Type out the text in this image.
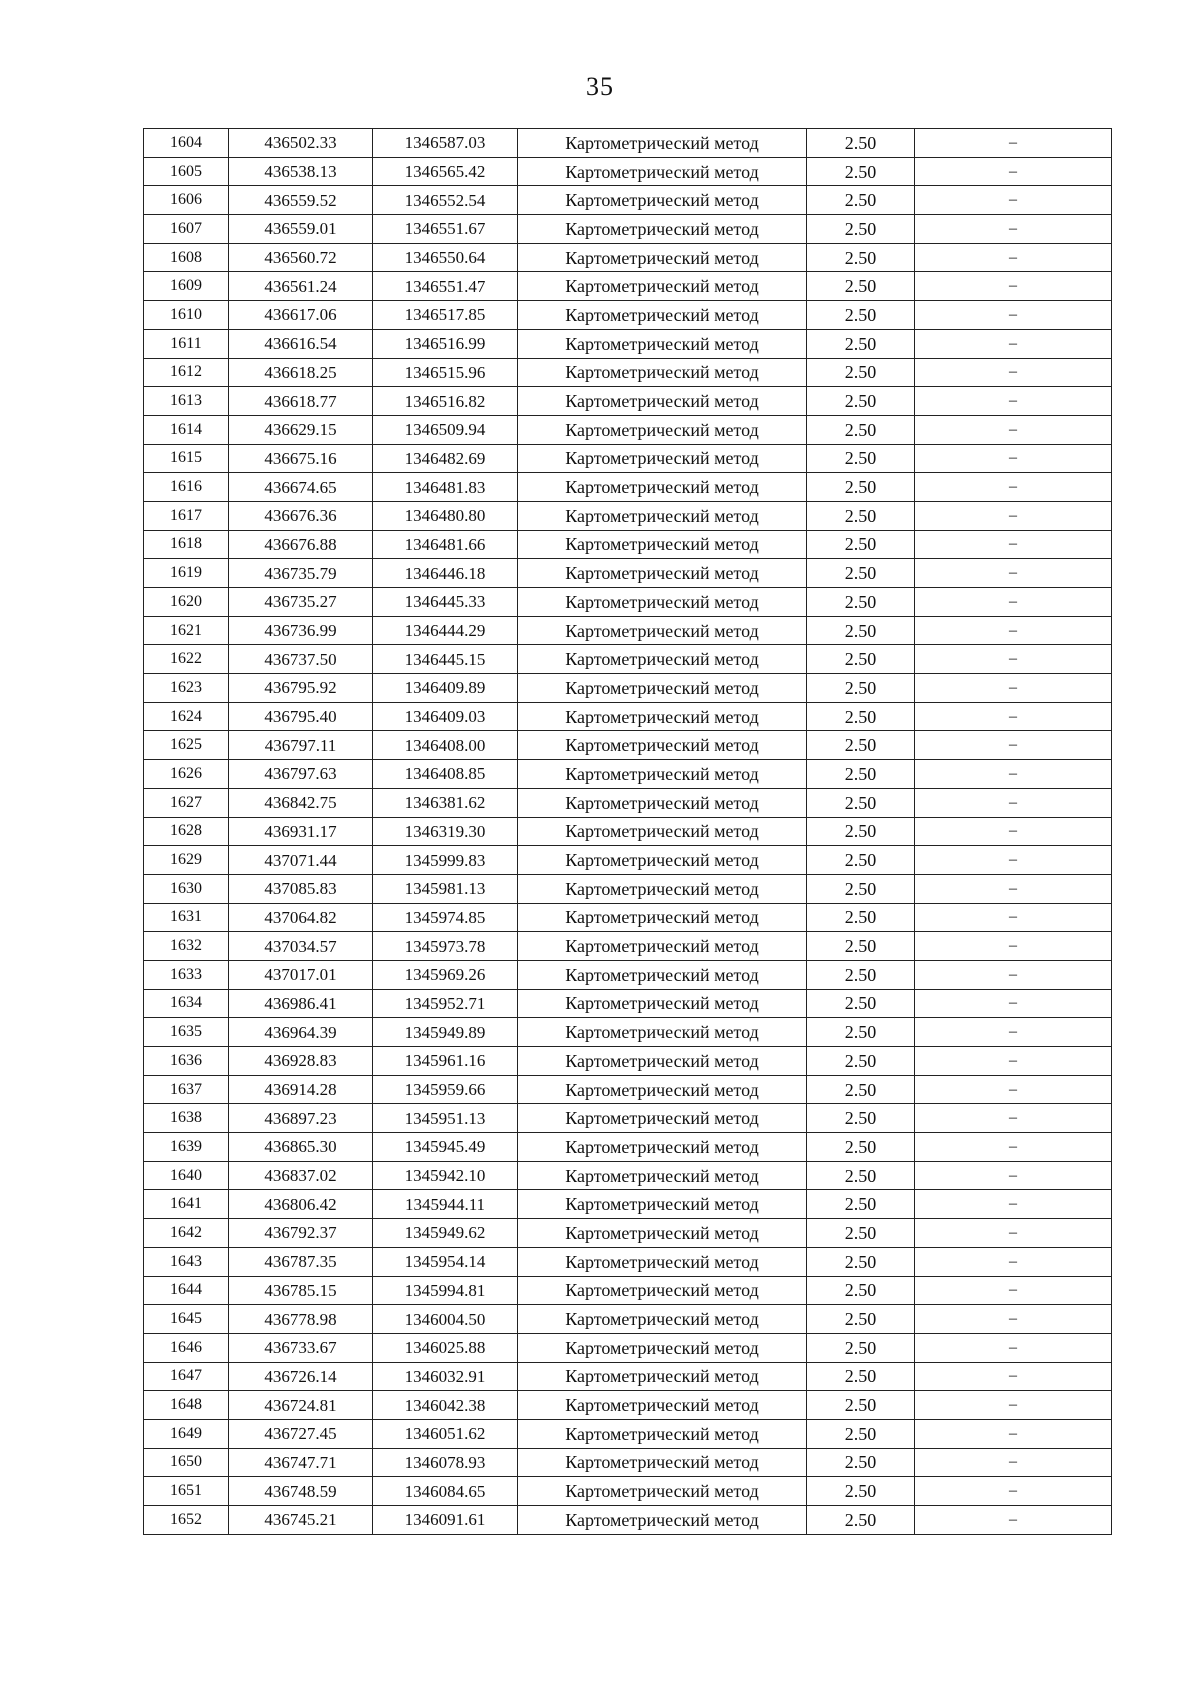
35
1604	436502.33	1346587.03	Картометрический метод	2.50	–
1605	436538.13	1346565.42	Картометрический метод	2.50	–
1606	436559.52	1346552.54	Картометрический метод	2.50	–
1607	436559.01	1346551.67	Картометрический метод	2.50	–
1608	436560.72	1346550.64	Картометрический метод	2.50	–
1609	436561.24	1346551.47	Картометрический метод	2.50	–
1610	436617.06	1346517.85	Картометрический метод	2.50	–
1611	436616.54	1346516.99	Картометрический метод	2.50	–
1612	436618.25	1346515.96	Картометрический метод	2.50	–
1613	436618.77	1346516.82	Картометрический метод	2.50	–
1614	436629.15	1346509.94	Картометрический метод	2.50	–
1615	436675.16	1346482.69	Картометрический метод	2.50	–
1616	436674.65	1346481.83	Картометрический метод	2.50	–
1617	436676.36	1346480.80	Картометрический метод	2.50	–
1618	436676.88	1346481.66	Картометрический метод	2.50	–
1619	436735.79	1346446.18	Картометрический метод	2.50	–
1620	436735.27	1346445.33	Картометрический метод	2.50	–
1621	436736.99	1346444.29	Картометрический метод	2.50	–
1622	436737.50	1346445.15	Картометрический метод	2.50	–
1623	436795.92	1346409.89	Картометрический метод	2.50	–
1624	436795.40	1346409.03	Картометрический метод	2.50	–
1625	436797.11	1346408.00	Картометрический метод	2.50	–
1626	436797.63	1346408.85	Картометрический метод	2.50	–
1627	436842.75	1346381.62	Картометрический метод	2.50	–
1628	436931.17	1346319.30	Картометрический метод	2.50	–
1629	437071.44	1345999.83	Картометрический метод	2.50	–
1630	437085.83	1345981.13	Картометрический метод	2.50	–
1631	437064.82	1345974.85	Картометрический метод	2.50	–
1632	437034.57	1345973.78	Картометрический метод	2.50	–
1633	437017.01	1345969.26	Картометрический метод	2.50	–
1634	436986.41	1345952.71	Картометрический метод	2.50	–
1635	436964.39	1345949.89	Картометрический метод	2.50	–
1636	436928.83	1345961.16	Картометрический метод	2.50	–
1637	436914.28	1345959.66	Картометрический метод	2.50	–
1638	436897.23	1345951.13	Картометрический метод	2.50	–
1639	436865.30	1345945.49	Картометрический метод	2.50	–
1640	436837.02	1345942.10	Картометрический метод	2.50	–
1641	436806.42	1345944.11	Картометрический метод	2.50	–
1642	436792.37	1345949.62	Картометрический метод	2.50	–
1643	436787.35	1345954.14	Картометрический метод	2.50	–
1644	436785.15	1345994.81	Картометрический метод	2.50	–
1645	436778.98	1346004.50	Картометрический метод	2.50	–
1646	436733.67	1346025.88	Картометрический метод	2.50	–
1647	436726.14	1346032.91	Картометрический метод	2.50	–
1648	436724.81	1346042.38	Картометрический метод	2.50	–
1649	436727.45	1346051.62	Картометрический метод	2.50	–
1650	436747.71	1346078.93	Картометрический метод	2.50	–
1651	436748.59	1346084.65	Картометрический метод	2.50	–
1652	436745.21	1346091.61	Картометрический метод	2.50	–
